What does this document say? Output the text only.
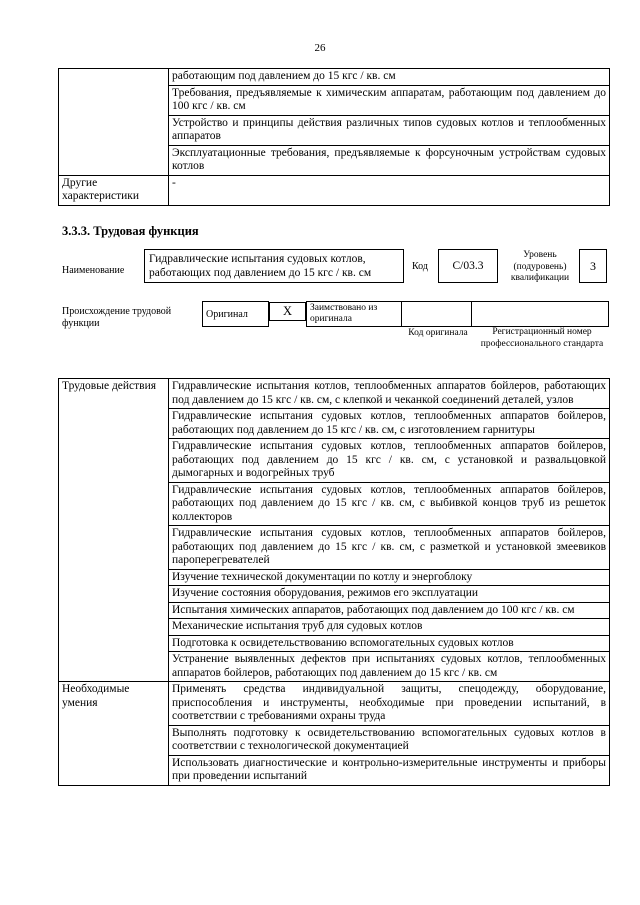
26
	работающим под давлением до 15 кгс / кв. см
	Требования, предъявляемые к химическим аппаратам, работающим под давлением до 100 кгс / кв. см
	Устройство и принципы действия различных типов судовых котлов и теплообменных аппаратов
	Эксплуатационные требования, предъявляемые к форсуночным устройствам судовых котлов
Другие характеристики	-
3.3.3. Трудовая функция
Наименование
Гидравлические испытания судовых котлов, работающих под давлением до 15 кгс / кв. см
Код	С/03.3
Уровень (подуровень) квалификации
3
Происхождение трудовой функции
Оригинал		X	Заимствовано из оригинала		
Код оригинала	Регистрационный номер профессионального стандарта
Трудовые действия	Гидравлические испытания котлов, теплообменных аппаратов бойлеров, работающих под давлением до 15 кгс / кв. см, с клепкой и чеканкой соединений деталей, узлов
	Гидравлические испытания судовых котлов, теплообменных аппаратов бойлеров, работающих под давлением до 15 кгс / кв. см, с изготовлением гарнитуры
	Гидравлические испытания судовых котлов, теплообменных аппаратов бойлеров, работающих под давлением до 15 кгс / кв. см, с установкой и развальцовкой дымогарных и водогрейных труб
	Гидравлические испытания судовых котлов, теплообменных аппаратов бойлеров, работающих под давлением до 15 кгс / кв. см, с выбивкой концов труб из решеток коллекторов
	Гидравлические испытания судовых котлов, теплообменных аппаратов бойлеров, работающих под давлением до 15 кгс / кв. см, с разметкой и установкой змеевиков пароперегревателей
	Изучение технической документации по котлу и энергоблоку
	Изучение состояния оборудования, режимов его эксплуатации
	Испытания химических аппаратов, работающих под давлением до 100 кгс / кв. см
	Механические испытания труб для судовых котлов
	Подготовка к освидетельствованию вспомогательных судовых котлов
	Устранение выявленных дефектов при испытаниях судовых котлов, теплообменных аппаратов бойлеров, работающих под давлением до 15 кгс / кв. см
Необходимые умения	Применять средства индивидуальной защиты, спецодежду, оборудование, приспособления и инструменты, необходимые при проведении испытаний, в соответствии с требованиями охраны труда
	Выполнять подготовку к освидетельствованию вспомогательных судовых котлов в соответствии с технологической документацией
	Использовать диагностические и контрольно-измерительные инструменты и приборы при проведении испытаний
